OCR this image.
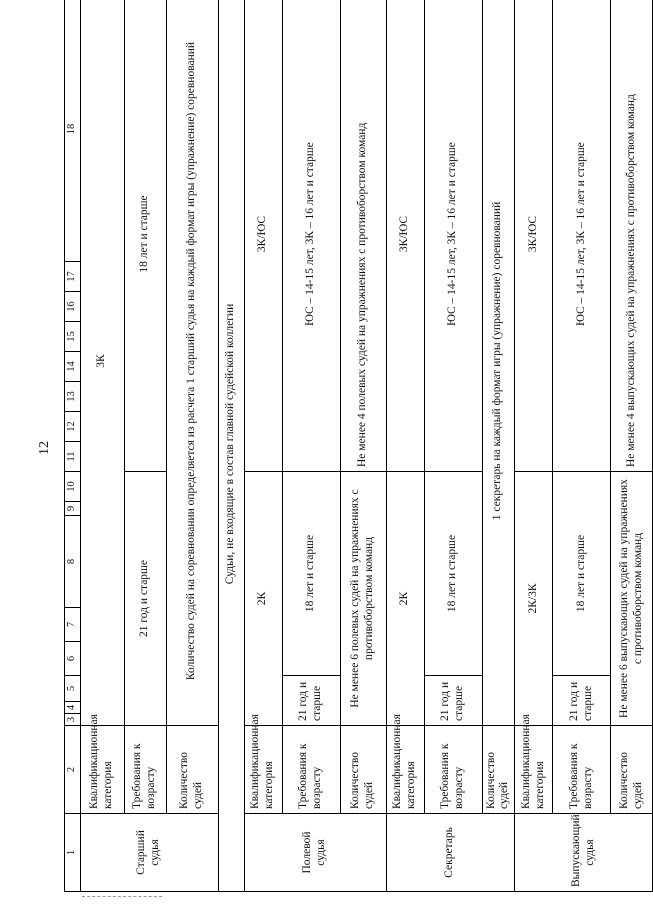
12
1	2	3	4	5	6	7	8	9	10	11	12	13	14	15	16	17	18
Старший судья	Квалификационная категория	3К															
	Требования к возрасту	21 год и старше								18 лет и старше							
	Количество судей	Количество судей на соревновании определяется из расчета 1 старший судья на каждый формат игры (упражнение) соревнований															
Судьи, не входящие в состав главной судейской коллегии																	
Полевой судья	Квалификационная категория	2К								3К/ЮС							
	Требования к возрасту	21 год и старше			18 лет и старше					ЮС – 14-15 лет, 3К – 16 лет и старше							
	Количество судей	Не менее 6 полевых судей на упражнениях с противоборством команд								Не менее 4 полевых судей на упражнениях с противоборством команд							
Секретарь	Квалификационная категория	2К								3К/ЮС							
	Требования к возрасту	21 год и старше			18 лет и старше					ЮС – 14-15 лет, 3К – 16 лет и старше							
	Количество судей	1 секретарь на каждый формат игры (упражнение) соревнований															
Выпускающий судья	Квалификационная категория	2К/3К								3К/ЮС							
	Требования к возрасту	21 год и старше			18 лет и старше					ЮС – 14-15 лет, 3К – 16 лет и старше							
	Количество судей	Не менее 6 выпускающих судей на упражнениях с противоборством команд								Не менее 4 выпускающих судей на упражнениях с противоборством команд							
